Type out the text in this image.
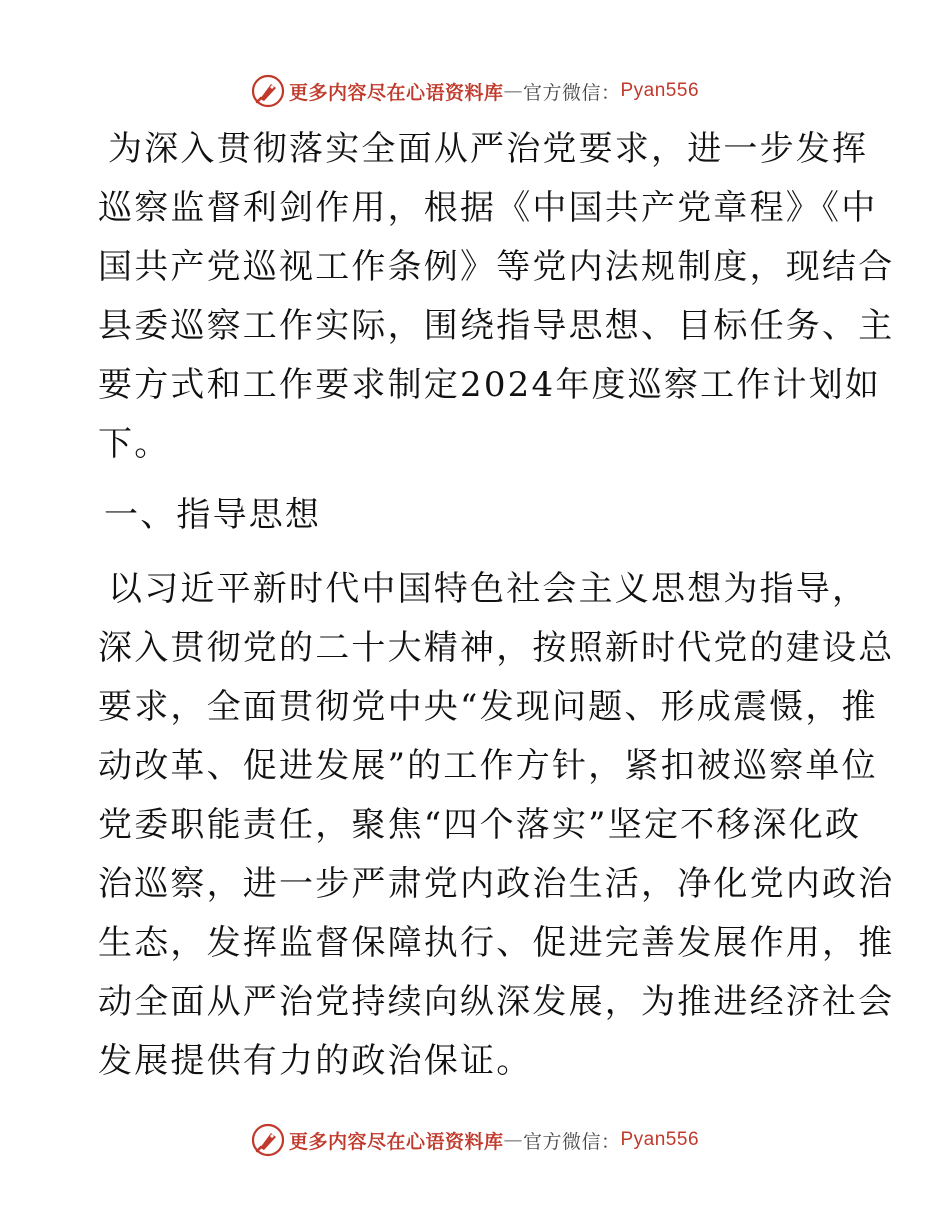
更多内容尽在心语资料库 — 官方微信： Pyan556
为深入贯彻落实全面从严治党要求，进一步发挥
巡察监督利剑作用，根据《中国共产党章程》《中
国共产党巡视工作条例》等党内法规制度，现结合
县委巡察工作实际，围绕指导思想、目标任务、主
要方式和工作要求制定2024年度巡察工作计划如
下。
一、指导思想
以习近平新时代中国特色社会主义思想为指导，
深入贯彻党的二十大精神，按照新时代党的建设总
要求，全面贯彻党中央“发现问题、形成震慑，推
动改革、促进发展”的工作方针，紧扣被巡察单位
党委职能责任，聚焦“四个落实”坚定不移深化政
治巡察，进一步严肃党内政治生活，净化党内政治
生态，发挥监督保障执行、促进完善发展作用，推
动全面从严治党持续向纵深发展，为推进经济社会
发展提供有力的政治保证。
更多内容尽在心语资料库 — 官方微信： Pyan556
